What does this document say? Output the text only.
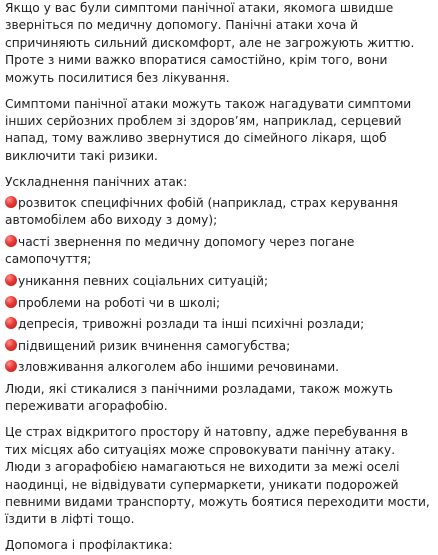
Якщо у вас були симптоми панічної атаки, якомога швидше зверніться по медичну допомогу. Панічні атаки хоча й спричиняють сильний дискомфорт, але не загрожують життю. Проте з ними важко впоратися самостійно, крім того, вони можуть посилитися без лікування.

Симптоми панічної атаки можуть також нагадувати симптоми інших серйозних проблем зі здоров’ям, наприклад, серцевий напад, тому важливо звернутися до сімейного лікаря, щоб виключити такі ризики.

Ускладнення панічних атак:

розвиток специфічних фобій (наприклад, страх керування автомобілем або виходу з дому);
часті звернення по медичну допомогу через погане самопочуття;
уникання певних соціальних ситуацій;
проблеми на роботі чи в школі;
депресія, тривожні розлади та інші психічні розлади;
підвищений ризик вчинення самогубства;
зловживання алкоголем або іншими речовинами.

Люди, які стикалися з панічними розладами, також можуть переживати агорафобію.

Це страх відкритого простору й натовпу, адже перебування в тих місцях або ситуаціях може спровокувати панічну атаку. Люди з агорафобією намагаються не виходити за межі оселі наодинці, не відвідувати супермаркети, уникати подорожей певними видами транспорту, можуть боятися переходити мости, їздити в ліфті тощо.

Допомога і профілактика:
